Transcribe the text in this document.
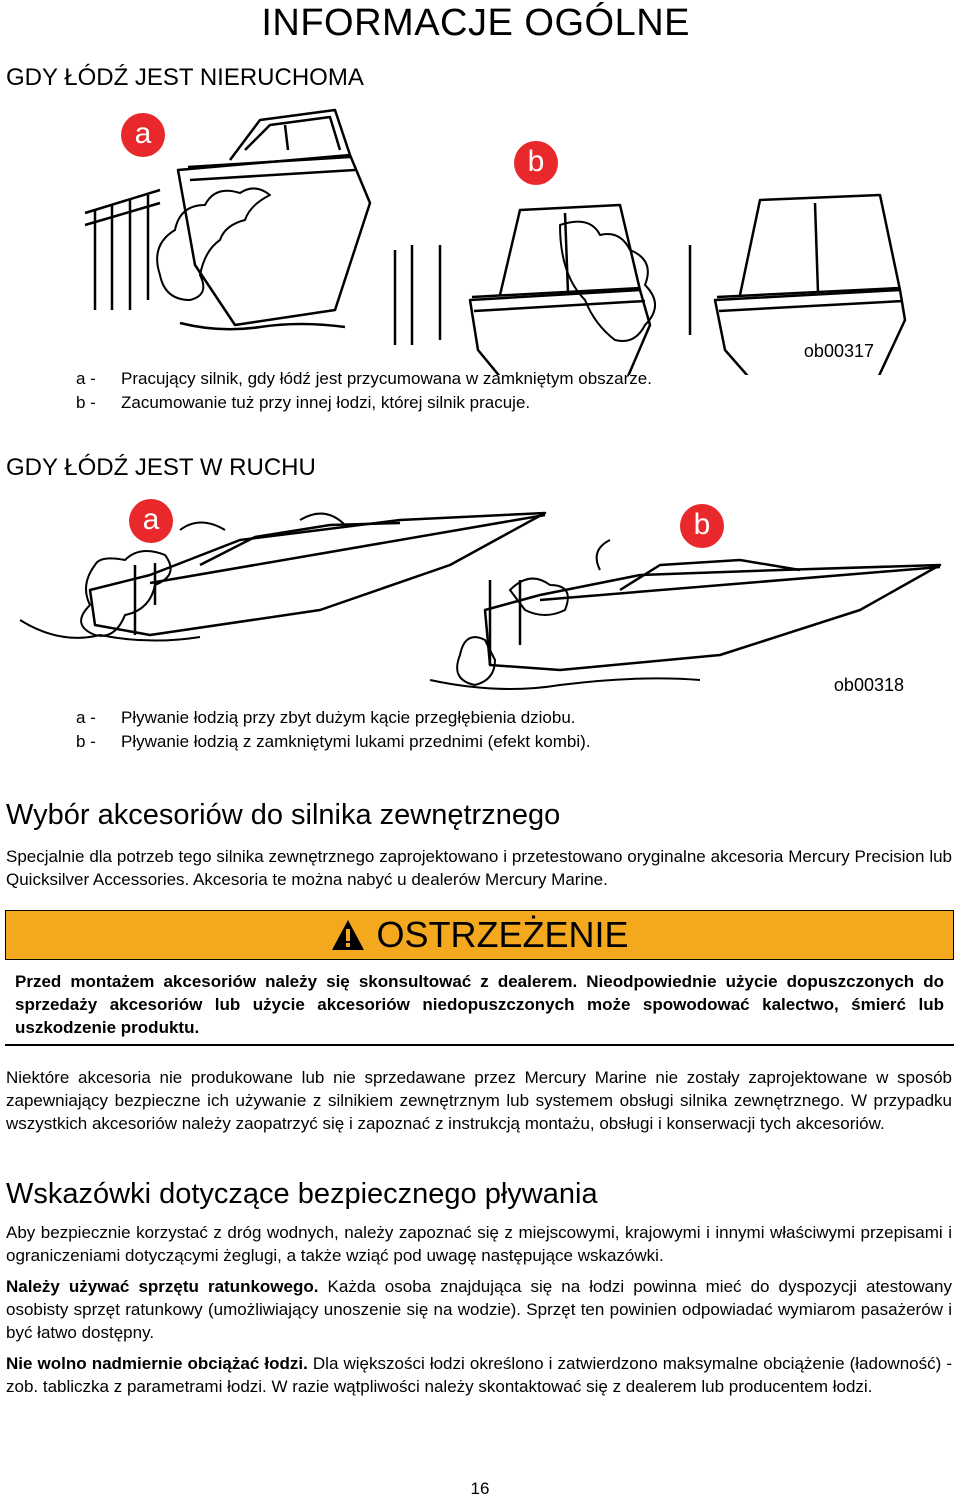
INFORMACJE OGÓLNE
GDY ŁÓDŹ JEST NIERUCHOMA
a
b
ob00317
a -	Pracujący silnik, gdy łódź jest przycumowana w zamkniętym obszarze.
b -	Zacumowanie tuż przy innej łodzi, której silnik pracuje.
GDY ŁÓDŹ JEST W RUCHU
a	b
ob00318
a -	Pływanie łodzią przy zbyt dużym kącie przegłębienia dziobu.
b -	Pływanie łodzią z zamkniętymi lukami przednimi (efekt kombi).
Wybór akcesoriów do silnika zewnętrznego
Specjalnie dla potrzeb tego silnika zewnętrznego zaprojektowano i przetestowano oryginalne akcesoria Mercury Precision lub Quicksilver Accessories. Akcesoria te można nabyć u dealerów Mercury Marine.
OSTRZEŻENIE
Przed montażem akcesoriów należy się skonsultować z dealerem. Nieodpowiednie użycie dopuszczonych do sprzedaży akcesoriów lub użycie akcesoriów niedopuszczonych może spowodować kalectwo, śmierć lub uszkodzenie produktu.
Niektóre akcesoria nie produkowane lub nie sprzedawane przez Mercury Marine nie zostały zaprojektowane w sposób zapewniający bezpieczne ich używanie z silnikiem zewnętrznym lub systemem obsługi silnika zewnętrznego. W przypadku wszystkich akcesoriów należy zaopatrzyć się i zapoznać z instrukcją montażu, obsługi i konserwacji tych akcesoriów.
Wskazówki dotyczące bezpiecznego pływania
Aby bezpiecznie korzystać z dróg wodnych, należy zapoznać się z miejscowymi, krajowymi i innymi właściwymi przepisami i ograniczeniami dotyczącymi żeglugi, a także wziąć pod uwagę następujące wskazówki.
Należy używać sprzętu ratunkowego. Każda osoba znajdująca się na łodzi powinna mieć do dyspozycji atestowany osobisty sprzęt ratunkowy (umożliwiający unoszenie się na wodzie). Sprzęt ten powinien odpowiadać wymiarom pasażerów i być łatwo dostępny.
Nie wolno nadmiernie obciążać łodzi. Dla większości łodzi określono i zatwierdzono maksymalne obciążenie (ładowność) - zob. tabliczka z parametrami łodzi. W razie wątpliwości należy skontaktować się z dealerem lub producentem łodzi.
16
